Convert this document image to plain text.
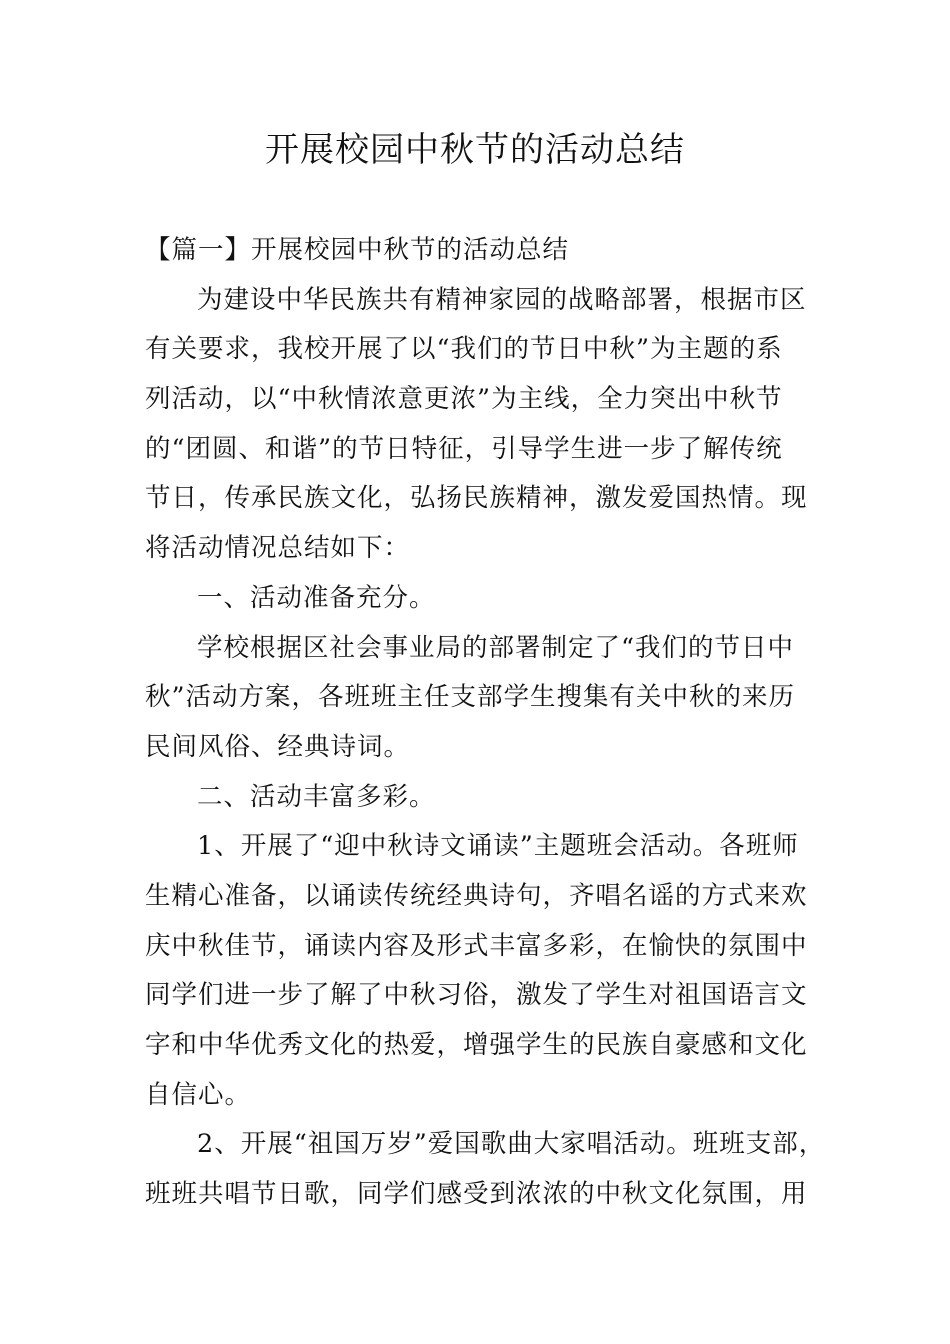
开展校园中秋节的活动总结
【篇一】开展校园中秋节的活动总结
为建设中华民族共有精神家园的战略部署，根据市区
有关要求，我校开展了以“我们的节日中秋”为主题的系
列活动，以“中秋情浓意更浓”为主线，全力突出中秋节
的“团圆、和谐”的节日特征，引导学生进一步了解传统
节日，传承民族文化，弘扬民族精神，激发爱国热情。现
将活动情况总结如下：
一、活动准备充分。
学校根据区社会事业局的部署制定了“我们的节日中
秋”活动方案，各班班主任支部学生搜集有关中秋的来历
民间风俗、经典诗词。
二、活动丰富多彩。
1、开展了“迎中秋诗文诵读”主题班会活动。各班师
生精心准备，以诵读传统经典诗句，齐唱名谣的方式来欢
庆中秋佳节，诵读内容及形式丰富多彩，在愉快的氛围中
同学们进一步了解了中秋习俗，激发了学生对祖国语言文
字和中华优秀文化的热爱，增强学生的民族自豪感和文化
自信心。
2、开展“祖国万岁”爱国歌曲大家唱活动。班班支部，
班班共唱节日歌，同学们感受到浓浓的中秋文化氛围，用
